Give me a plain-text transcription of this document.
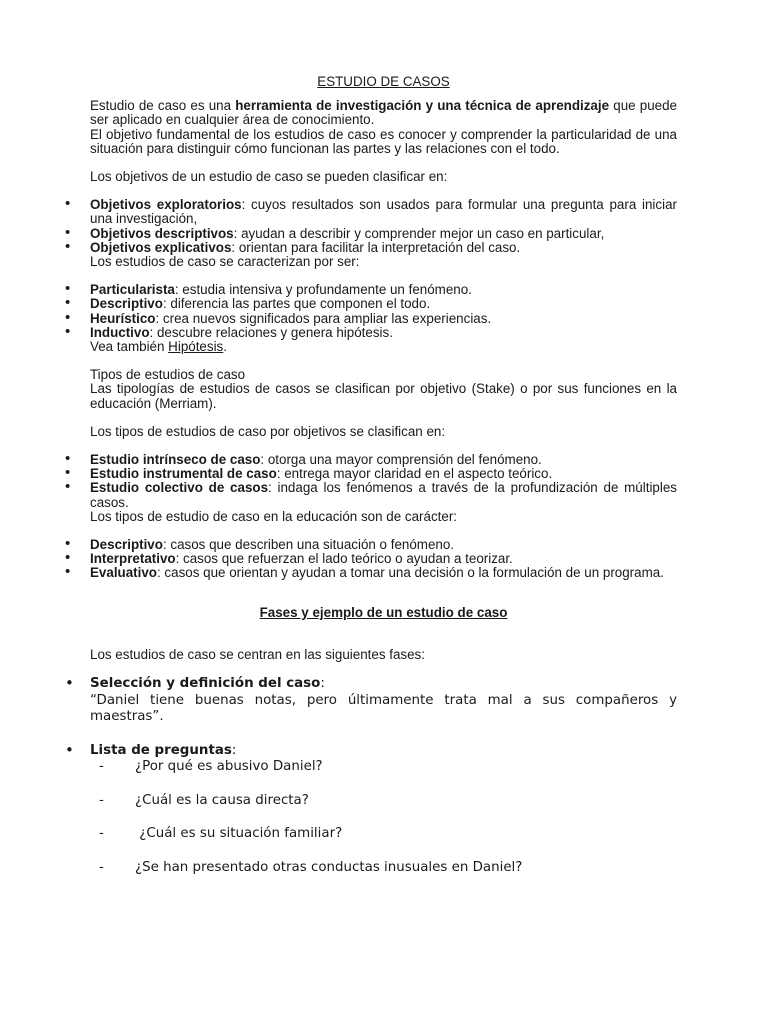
ESTUDIO DE CASOS

Estudio de caso es una herramienta de investigación y una técnica de aprendizaje que puede ser aplicado en cualquier área de conocimiento.

El objetivo fundamental de los estudios de caso es conocer y comprender la particularidad de una situación para distinguir cómo funcionan las partes y las relaciones con el todo.

Los objetivos de un estudio de caso se pueden clasificar en:

• Objetivos exploratorios: cuyos resultados son usados para formular una pregunta para iniciar una investigación,
• Objetivos descriptivos: ayudan a describir y comprender mejor un caso en particular,
• Objetivos explicativos: orientan para facilitar la interpretación del caso.

Los estudios de caso se caracterizan por ser:

• Particularista: estudia intensiva y profundamente un fenómeno.
• Descriptivo: diferencia las partes que componen el todo.
• Heurístico: crea nuevos significados para ampliar las experiencias.
• Inductivo: descubre relaciones y genera hipótesis.

Vea también Hipótesis.

Tipos de estudios de caso

Las tipologías de estudios de casos se clasifican por objetivo (Stake) o por sus funciones en la educación (Merriam).

Los tipos de estudios de caso por objetivos se clasifican en:

• Estudio intrínseco de caso: otorga una mayor comprensión del fenómeno.
• Estudio instrumental de caso: entrega mayor claridad en el aspecto teórico.
• Estudio colectivo de casos: indaga los fenómenos a través de la profundización de múltiples casos.

Los tipos de estudio de caso en la educación son de carácter:

• Descriptivo: casos que describen una situación o fenómeno.
• Interpretativo: casos que refuerzan el lado teórico o ayudan a teorizar.
• Evaluativo: casos que orientan y ayudan a tomar una decisión o la formulación de un programa.
Fases y ejemplo de un estudio de caso

Los estudios de caso se centran en las siguientes fases:

• Selección y definición del caso:
“Daniel tiene buenas notas, pero últimamente trata mal a sus compañeros y maestras”.
• Lista de preguntas:
- ¿Por qué es abusivo Daniel?
- ¿Cuál es la causa directa?
-  ¿Cuál es su situación familiar?
- ¿Se han presentado otras conductas inusuales en Daniel?
